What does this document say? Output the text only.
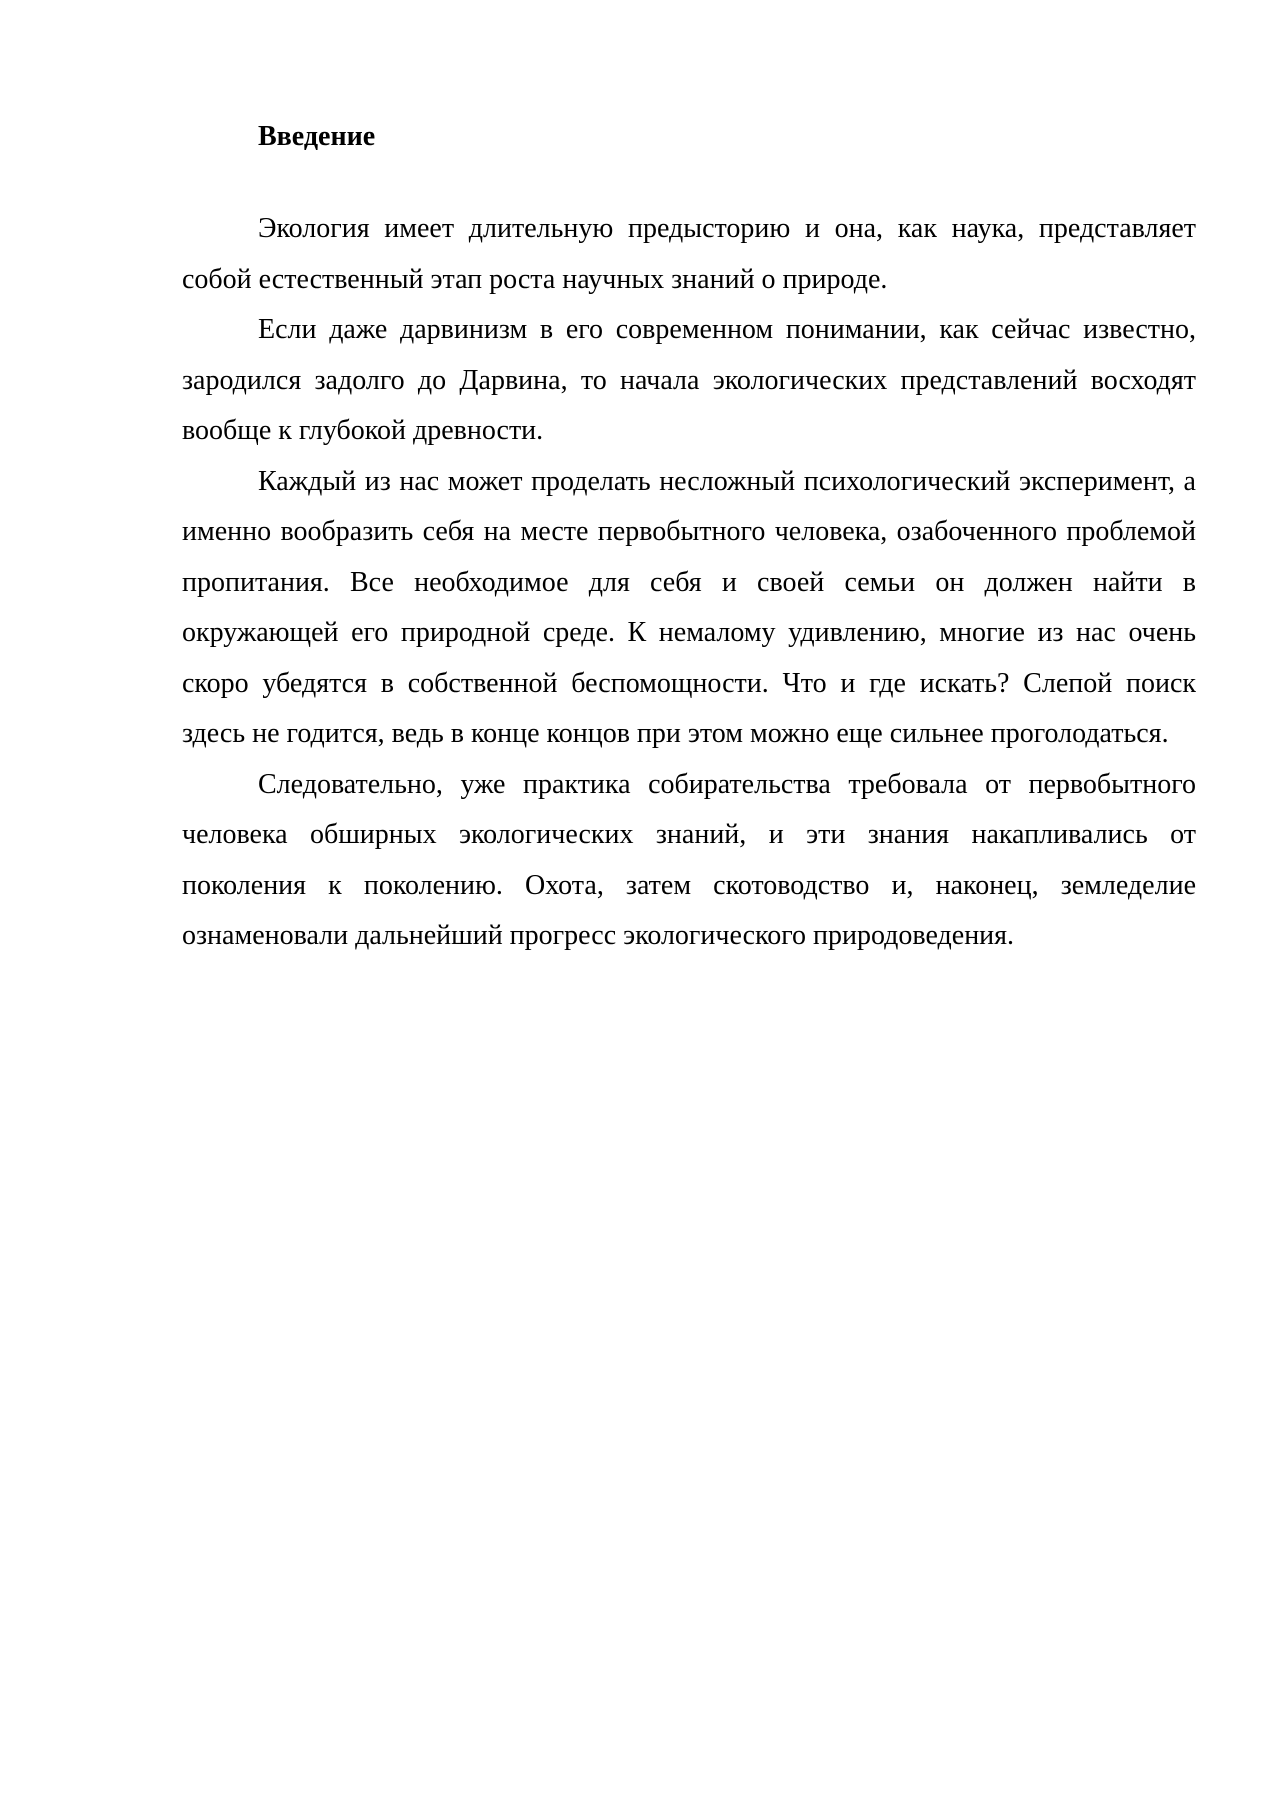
Введение

Экология имеет длительную предысторию и она, как наука, представляет собой естественный этап роста научных знаний о природе.

Если даже дарвинизм в его современном понимании, как сейчас известно, зародился задолго до Дарвина, то начала экологических представлений восходят вообще к глубокой древности.

Каждый из нас может проделать несложный психологический эксперимент, а именно вообразить себя на месте первобытного человека, озабоченного проблемой пропитания. Все необходимое для себя и своей семьи он должен найти в окружающей его природной среде. К немалому удивлению, многие из нас очень скоро убедятся в собственной беспомощности. Что и где искать? Слепой поиск здесь не годится, ведь в конце концов при этом можно еще сильнее проголодаться.

Следовательно, уже практика собирательства требовала от первобытного человека обширных экологических знаний, и эти знания накапливались от поколения к поколению. Охота, затем скотоводство и, наконец, земледелие ознаменовали дальнейший прогресс экологического природоведения.
